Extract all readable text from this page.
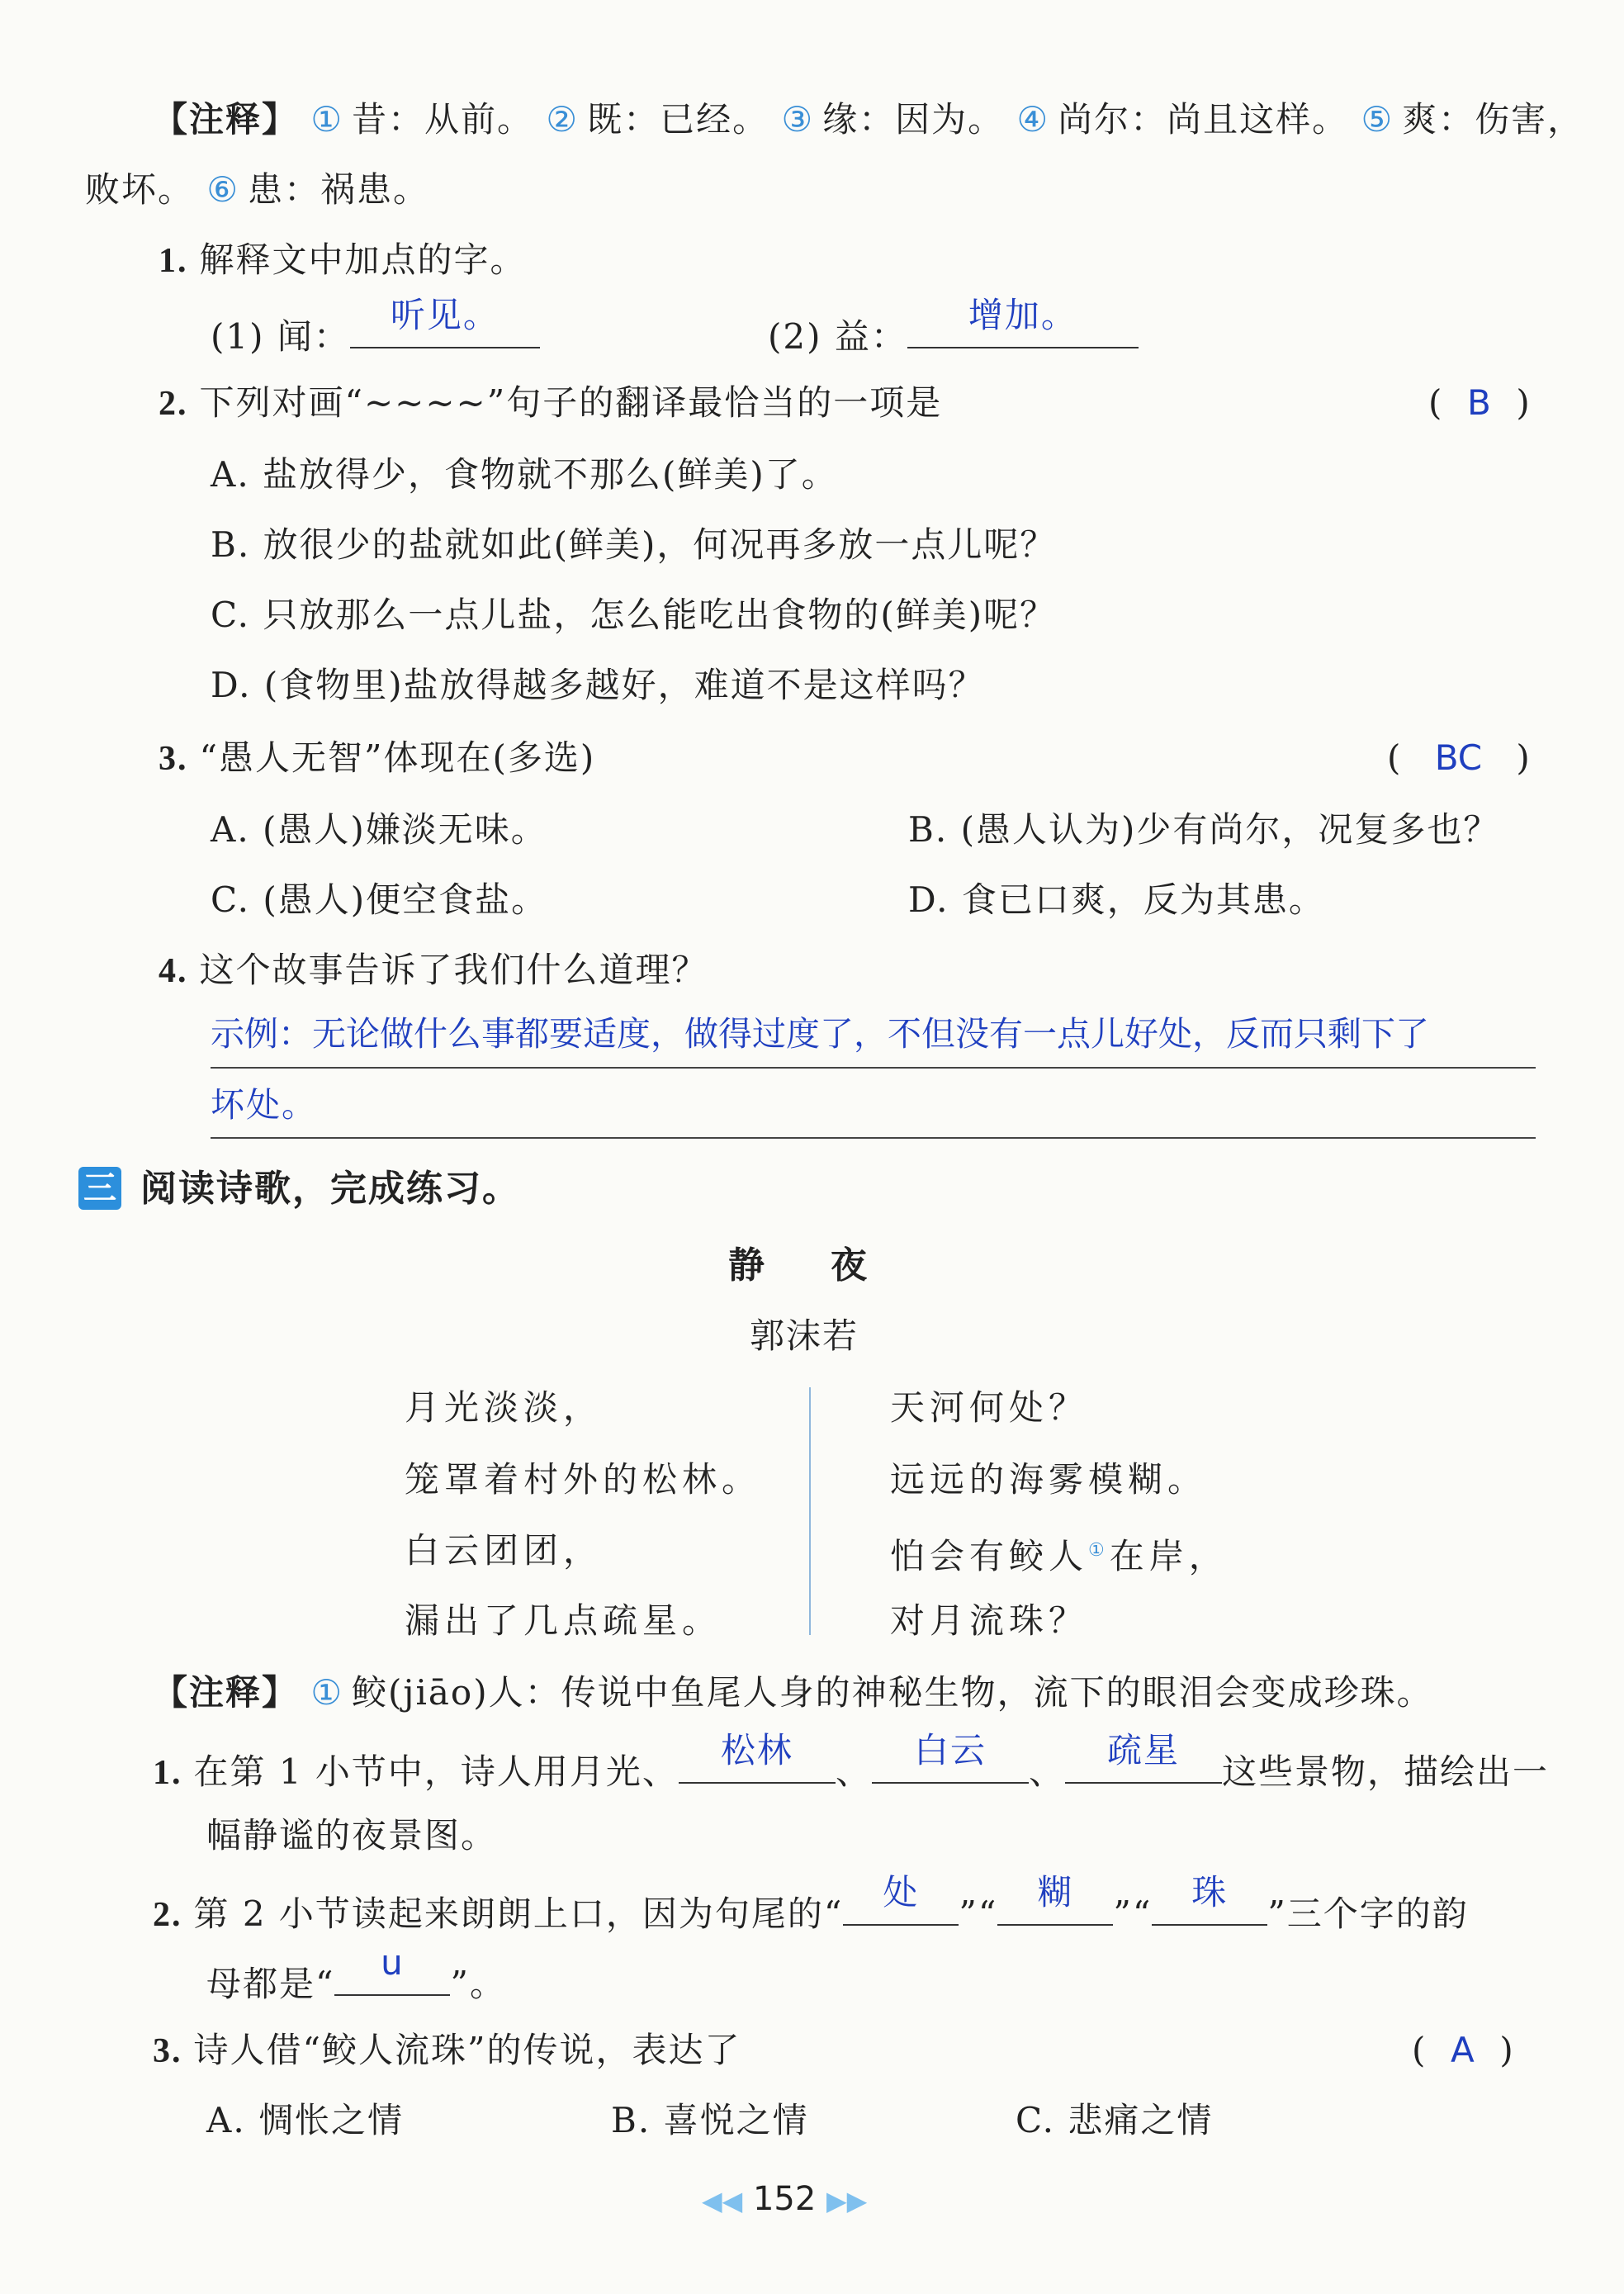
【注释】 ① 昔：从前。 ② 既：已经。 ③ 缘：因为。 ④ 尚尔：尚且这样。 ⑤ 爽：伤害，
败坏。 ⑥ 患：祸患。
1. 解释文中加点的字。
(1) 闻：
听见。
(2) 益：
增加。
2. 下列对画“~~~~”句子的翻译最恰当的一项是	( B )
A. 盐放得少，食物就不那么(鲜美)了。
B. 放很少的盐就如此(鲜美)，何况再多放一点儿呢？
C. 只放那么一点儿盐，怎么能吃出食物的(鲜美)呢？
D. (食物里)盐放得越多越好，难道不是这样吗？
3. “愚人无智”体现在(多选)	( BC )
A. (愚人)嫌淡无味。	B. (愚人认为)少有尚尔，况复多也？
C. (愚人)便空食盐。	D. 食已口爽，反为其患。
4. 这个故事告诉了我们什么道理？
示例：无论做什么事都要适度，做得过度了，不但没有一点儿好处，反而只剩下了
坏处。
三 阅读诗歌，完成练习。
静夜
郭沫若
月光淡淡，
笼罩着村外的松林。
白云团团，
漏出了几点疏星。
天河何处？
远远的海雾模糊。
怕会有鲛人①在岸，
对月流珠？
【注释】 ① 鲛(jiāo)人：传说中鱼尾人身的神秘生物，流下的眼泪会变成珍珠。
1. 在第 1 小节中，诗人用月光、
松林
、
白云
、
疏星
这些景物，描绘出一
幅静谧的夜景图。
2. 第 2 小节读起来朗朗上口，因为句尾的“
处
”“
糊
”“
珠
”三个字的韵
母都是“
u
”。
3. 诗人借“鲛人流珠”的传说，表达了	( A )
A. 惆怅之情	B. 喜悦之情	C. 悲痛之情
◀◀ 152 ▶▶
